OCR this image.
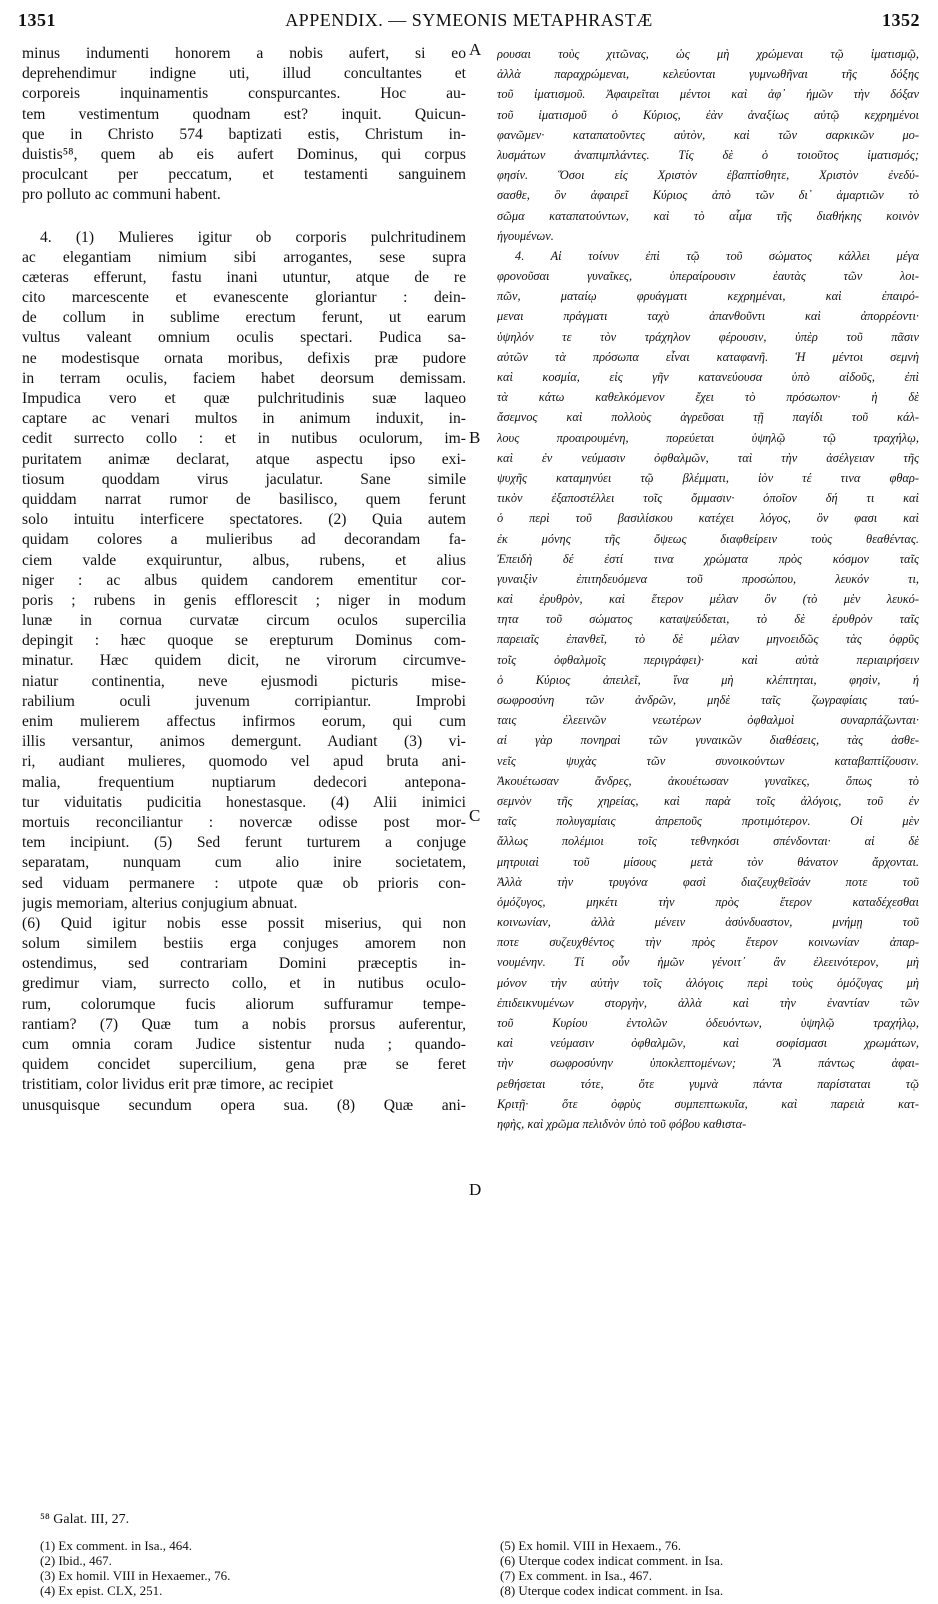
1351	APPENDIX. — SYMEONIS METAPHRASTÆ	1352
minus indumenti honorem a nobis aufert, si eo
deprehendimur indigne uti, illud concultantes et
corporeis inquinamentis conspurcantes. Hoc au-
tem vestimentum quodnam est? inquit. Quicun-
que in Christo 574 baptizati estis, Christum in-
duistis⁵⁸, quem ab eis aufert Dominus, qui corpus
proculcant per peccatum, et testamenti sanguinem
pro polluto ac communi habent.
4. (1) Mulieres igitur ob corporis pulchritudinem
ac elegantiam nimium sibi arrogantes, sese supra
cæteras efferunt, fastu inani utuntur, atque de re
cito marcescente et evanescente gloriantur : dein-
de collum in sublime erectum ferunt, ut earum
vultus valeant omnium oculis spectari. Pudica sa-
ne modestisque ornata moribus, defixis præ pudore
in terram oculis, faciem habet deorsum demissam.
Impudica vero et quæ pulchritudinis suæ laqueo
captare ac venari multos in animum induxit, in-
cedit surrecto collo : et in nutibus oculorum, im-
puritatem animæ declarat, atque aspectu ipso exi-
tiosum quoddam virus jaculatur. Sane simile
quiddam narrat rumor de basilisco, quem ferunt
solo intuitu interficere spectatores. (2) Quia autem
quidam colores a mulieribus ad decorandam fa-
ciem valde exquiruntur, albus, rubens, et alius
niger : ac albus quidem candorem ementitur cor-
poris ; rubens in genis efflorescit ; niger in modum
lunæ in cornua curvatæ circum oculos supercilia
depingit : hæc quoque se erepturum Dominus com-
minatur. Hæc quidem dicit, ne virorum circumve-
niatur continentia, neve ejusmodi picturis mise-
rabilium oculi juvenum corripiantur. Improbi
enim mulierem affectus infirmos eorum, qui cum
illis versantur, animos demergunt. Audiant (3) vi-
ri, audiant mulieres, quomodo vel apud bruta ani-
malia, frequentium nuptiarum dedecori antepona-
tur viduitatis pudicitia honestasque. (4) Alii inimici
mortuis reconciliantur : novercæ odisse post mor-
tem incipiunt. (5) Sed ferunt turturem a conjuge
separatam, nunquam cum alio inire societatem,
sed viduam permanere : utpote quæ ob prioris con-
jugis memoriam, alterius conjugium abnuat.
(6) Quid igitur nobis esse possit miserius, qui non
solum similem bestiis erga conjuges amorem non
ostendimus, sed contrariam Domini præceptis in-
gredimur viam, surrecto collo, et in nutibus oculo-
rum, colorumque fucis aliorum suffuramur tempe-
rantiam? (7) Quæ tum a nobis prorsus auferentur,
cum omnia coram Judice sistentur nuda ; quando-
quidem concidet supercilium, gena præ se feret
tristitiam, color lividus erit præ timore, ac recipiet
unusquisque secundum opera sua. (8) Quæ ani-
ρουσαι τοὺς χιτῶνας, ὡς μὴ χρώμεναι τῷ ἱματισμῷ,
ἀλλὰ παραχρώμεναι, κελεύονται γυμνωθῆναι τῆς δόξης
τοῦ ἱματισμοῦ. Ἀφαιρεῖται μέντοι καὶ ἀφ᾽ ἡμῶν τὴν δόξαν
τοῦ ἱματισμοῦ ὁ Κύριος, ἐὰν ἀναξίως αὐτῷ κεχρημένοι
φανῶμεν· καταπατοῦντες αὐτὸν, καὶ τῶν σαρκικῶν μο-
λυσμάτων ἀναπιμπλάντες. Τίς δὲ ὁ τοιοῦτος ἱματισμός;
φησίν. Ὅσοι εἰς Χριστὸν ἐβαπτίσθητε, Χριστὸν ἐνεδύ-
σασθε, ὃν ἀφαιρεῖ Κύριος ἀπὸ τῶν δι᾽ ἁμαρτιῶν τὸ
σῶμα καταπατούντων, καὶ τὸ αἷμα τῆς διαθήκης κοινὸν
ἡγουμένων.
4. Αἱ τοίνυν ἐπὶ τῷ τοῦ σώματος κάλλει μέγα
φρονοῦσαι γυναῖκες, ὑπεραίρουσιν ἑαυτὰς τῶν λοι-
πῶν, ματαίῳ φρυάγματι κεχρημέναι, καὶ ἐπαιρό-
μεναι πράγματι ταχὺ ἀπανθοῦντι καὶ ἀπορρέοντι·
ὑψηλόν τε τὸν τράχηλον φέρουσιν, ὑπὲρ τοῦ πᾶσιν
αὐτῶν τὰ πρόσωπα εἶναι καταφανῆ. Ἡ μέντοι σεμνὴ
καὶ κοσμία, εἰς γῆν κατανεύουσα ὑπὸ αἰδοῦς, ἐπὶ
τὰ κάτω καθελκόμενον ἔχει τὸ πρόσωπον· ἡ δὲ
ἄσεμνος καὶ πολλοὺς ἀγρεῦσαι τῇ παγίδι τοῦ κάλ-
λους προαιρουμένη, πορεύεται ὑψηλῷ τῷ τραχήλῳ,
καὶ ἐν νεύμασιν ὀφθαλμῶν, ταὶ τὴν ἀσέλγειαν τῆς
ψυχῆς καταμηνύει τῷ βλέμματι, ἰὸν τέ τινα φθαρ-
τικὸν ἐξαποστέλλει τοῖς ὄμμασιν· ὁποῖον δή τι καὶ
ὁ περὶ τοῦ βασιλίσκου κατέχει λόγος, ὃν φασι καὶ
ἐκ μόνης τῆς ὄψεως διαφθείρειν τοὺς θεαθέντας.
Ἐπειδὴ δέ ἐστί τινα χρώματα πρὸς κόσμον ταῖς
γυναιξὶν ἐπιτηδευόμενα τοῦ προσώπου, λευκόν τι,
καὶ ἐρυθρὸν, καὶ ἕτερον μέλαν ὂν (τὸ μὲν λευκό-
τητα τοῦ σώματος καταψεύδεται, τὸ δὲ ἐρυθρὸν ταῖς
παρειαῖς ἐπανθεῖ, τὸ δὲ μέλαν μηνοειδῶς τὰς ὀφρῦς
τοῖς ὀφθαλμοῖς περιγράφει)· καὶ αὐτὰ περιαιρήσειν
ὁ Κύριος ἀπειλεῖ, ἵνα μὴ κλέπτηται, φησὶν, ἡ
σωφροσύνη τῶν ἀνδρῶν, μηδὲ ταῖς ζωγραφίαις ταύ-
ταις ἐλεεινῶν νεωτέρων ὀφθαλμοὶ συναρπάζωνται·
αἱ γὰρ πονηραὶ τῶν γυναικῶν διαθέσεις, τὰς ἀσθε-
νεῖς ψυχὰς τῶν συνοικούντων καταβαπτίζουσιν.
Ἀκουέτωσαν ἄνδρες, ἀκουέτωσαν γυναῖκες, ὅπως τὸ
σεμνὸν τῆς χηρείας, καὶ παρὰ τοῖς ἀλόγοις, τοῦ ἐν
ταῖς πολυγαμίαις ἀπρεποῦς προτιμότερον. Οἱ μὲν
ἄλλως πολέμιοι τοῖς τεθνηκόσι σπένδονται· αἱ δὲ
μητρυιαὶ τοῦ μίσους μετὰ τὸν θάνατον ἄρχονται.
Ἀλλὰ τὴν τρυγόνα φασὶ διαζευχθεῖσάν ποτε τοῦ
ὁμόζυγος, μηκέτι τὴν πρὸς ἕτερον καταδέχεσθαι
κοινωνίαν, ἀλλὰ μένειν ἀσύνδυαστον, μνήμῃ τοῦ
ποτε συζευχθέντος τὴν πρὸς ἕτερον κοινωνίαν ἀπαρ-
νουμένην. Τί οὖν ἡμῶν γένοιτ᾽ ἂν ἐλεεινότερον, μὴ
μόνον τὴν αὐτὴν τοῖς ἀλόγοις περὶ τοὺς ὁμόζυγας μὴ
ἐπιδεικνυμένων στοργὴν, ἀλλὰ καὶ τὴν ἐναντίαν τῶν
τοῦ Κυρίου ἐντολῶν ὁδευόντων, ὑψηλῷ τραχήλῳ,
καὶ νεύμασιν ὀφθαλμῶν, καὶ σοφίσμασι χρωμάτων,
τὴν σωφροσύνην ὑποκλεπτομένων; Ἃ πάντως ἀφαι-
ρεθήσεται τότε, ὅτε γυμνὰ πάντα παρίσταται τῷ
Κριτῇ· ὅτε ὀφρὺς συμπεπτωκυῖα, καὶ παρειὰ κατ-
ηφὴς, καὶ χρῶμα πελιδνὸν ὑπὸ τοῦ φόβου καθιστα-
A
B
C
D
⁵⁸ Galat. III, 27.
(1) Ex comment. in Isa., 464.
(2) Ibid., 467.
(3) Ex homil. VIII in Hexaemer., 76.
(4) Ex epist. CLX, 251.
(5) Ex homil. VIII in Hexaem., 76.
(6) Uterque codex indicat comment. in Isa.
(7) Ex comment. in Isa., 467.
(8) Uterque codex indicat comment. in Isa.
